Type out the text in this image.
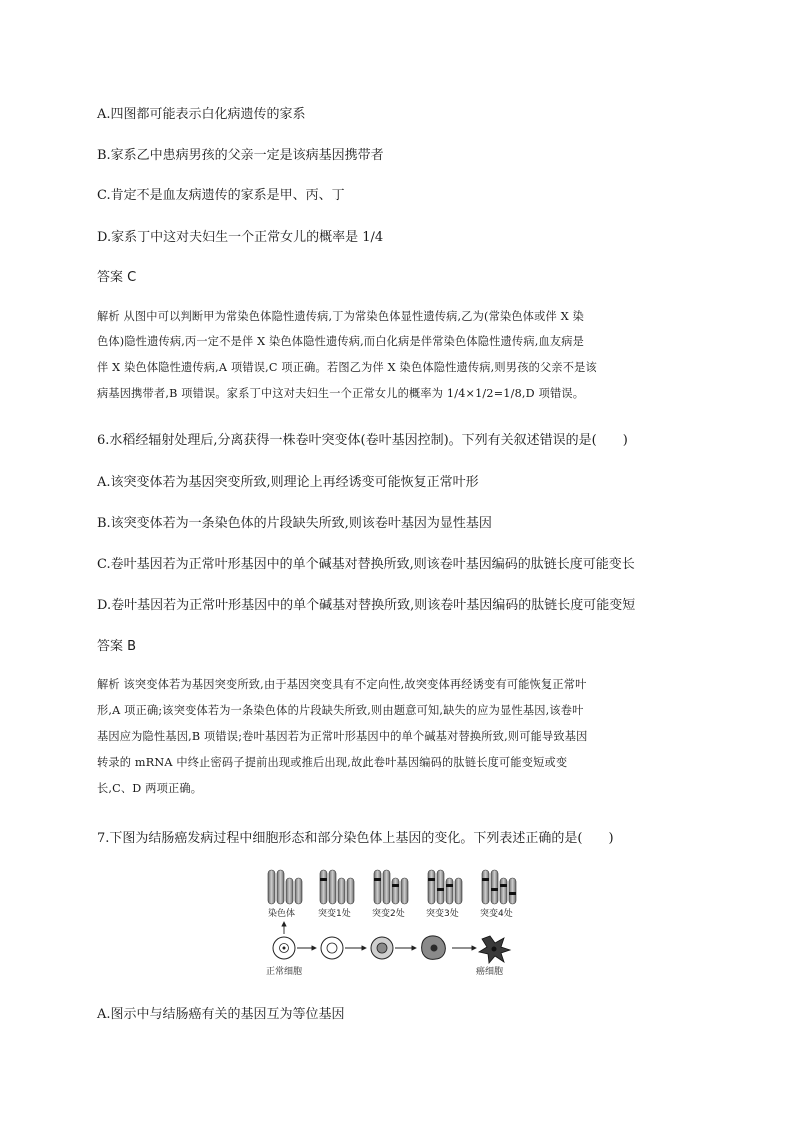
A.四图都可能表示白化病遗传的家系
B.家系乙中患病男孩的父亲一定是该病基因携带者
C.肯定不是血友病遗传的家系是甲、丙、丁
D.家系丁中这对夫妇生一个正常女儿的概率是 1/4
答案 C
解析 从图中可以判断甲为常染色体隐性遗传病,丁为常染色体显性遗传病,乙为(常染色体或伴 X 染
色体)隐性遗传病,丙一定不是伴 X 染色体隐性遗传病,而白化病是伴常染色体隐性遗传病,血友病是
伴 X 染色体隐性遗传病,A 项错误,C 项正确。若图乙为伴 X 染色体隐性遗传病,则男孩的父亲不是该
病基因携带者,B 项错误。家系丁中这对夫妇生一个正常女儿的概率为 1/4×1/2=1/8,D 项错误。
6.水稻经辐射处理后,分离获得一株卷叶突变体(卷叶基因控制)。下列有关叙述错误的是(　　)
A.该突变体若为基因突变所致,则理论上再经诱变可能恢复正常叶形
B.该突变体若为一条染色体的片段缺失所致,则该卷叶基因为显性基因
C.卷叶基因若为正常叶形基因中的单个碱基对替换所致,则该卷叶基因编码的肽链长度可能变长
D.卷叶基因若为正常叶形基因中的单个碱基对替换所致,则该卷叶基因编码的肽链长度可能变短
答案 B
解析 该突变体若为基因突变所致,由于基因突变具有不定向性,故突变体再经诱变有可能恢复正常叶
形,A 项正确;该突变体若为一条染色体的片段缺失所致,则由题意可知,缺失的应为显性基因,该卷叶
基因应为隐性基因,B 项错误;卷叶基因若为正常叶形基因中的单个碱基对替换所致,则可能导致基因
转录的 mRNA 中终止密码子提前出现或推后出现,故此卷叶基因编码的肽链长度可能变短或变
长,C、D 两项正确。
7.下图为结肠癌发病过程中细胞形态和部分染色体上基因的变化。下列表述正确的是(　　)
染色体	突变1处 突变2处 突变3处 突变4处
正常细胞	癌细胞
A.图示中与结肠癌有关的基因互为等位基因
